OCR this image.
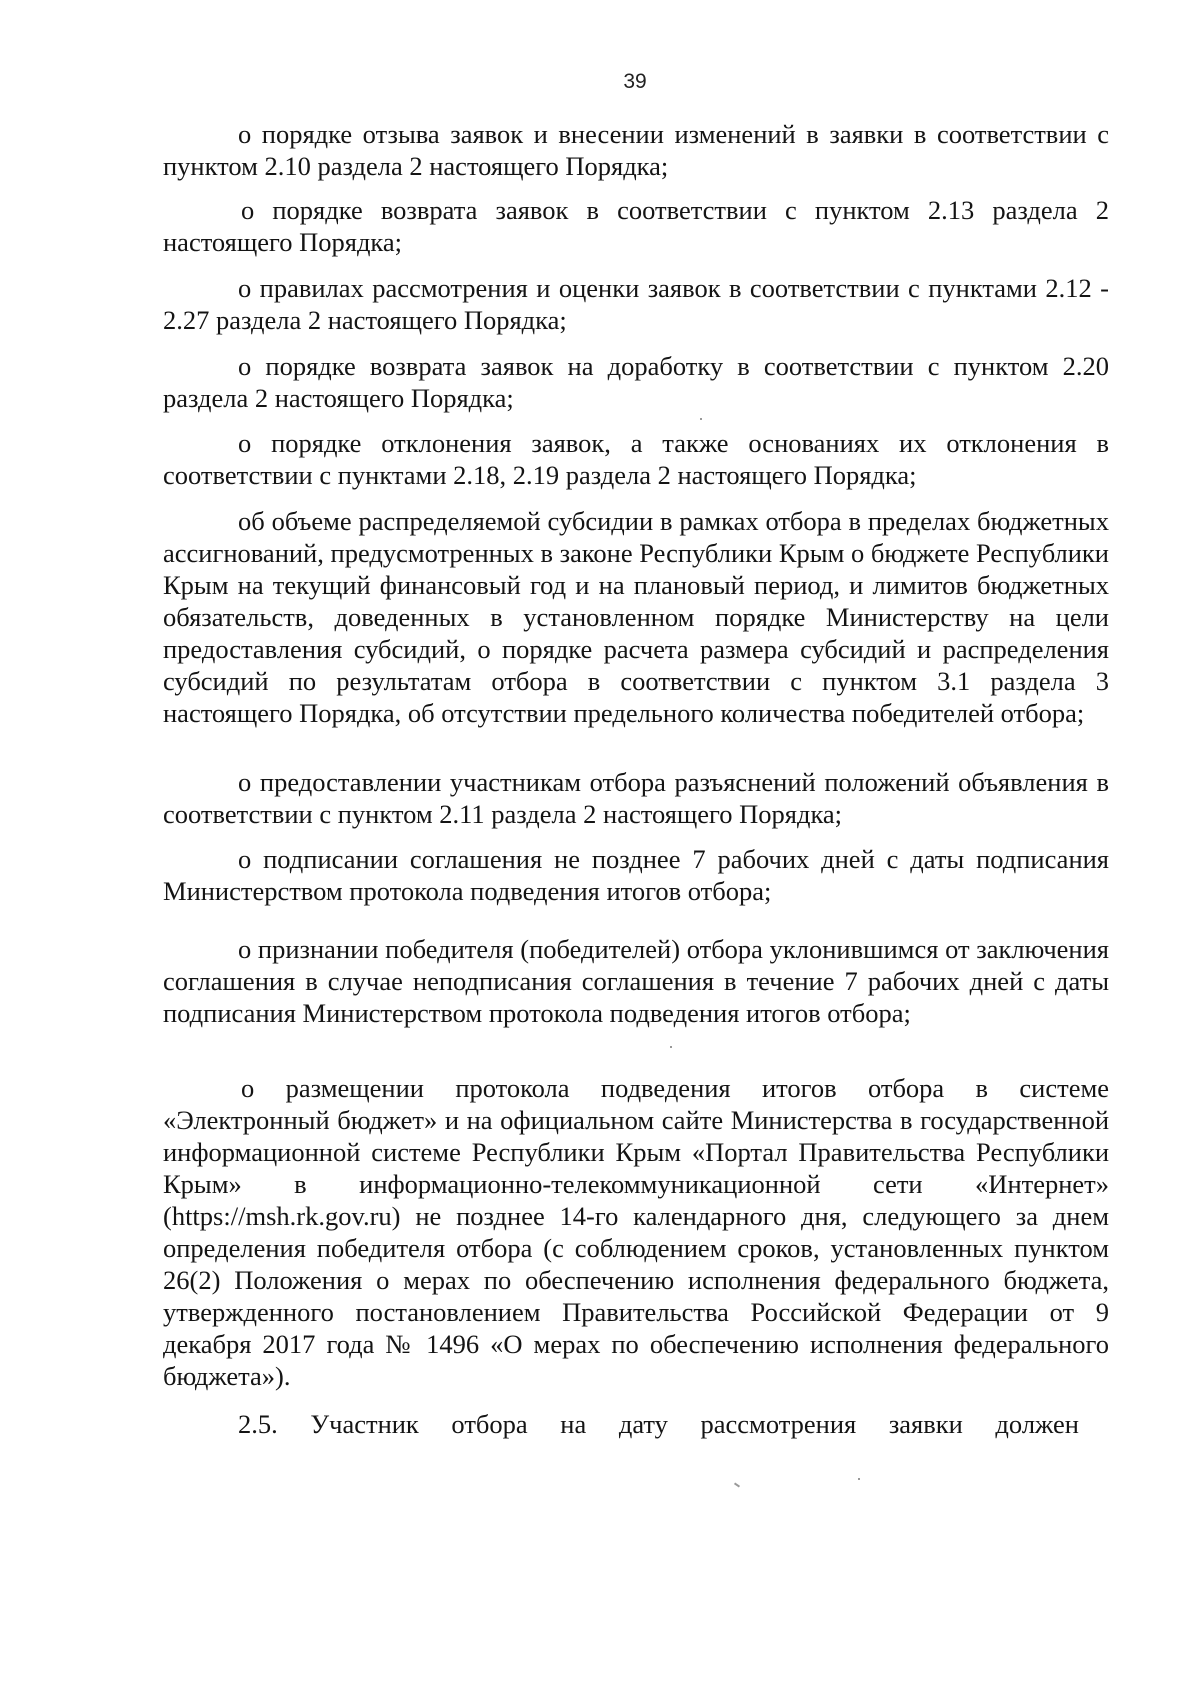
39

о порядке отзыва заявок и внесении изменений в заявки в соответствии с пунктом 2.10 раздела 2 настоящего Порядка;

о порядке возврата заявок в соответствии с пунктом 2.13 раздела 2 настоящего Порядка;

о правилах рассмотрения и оценки заявок в соответствии с пунктами 2.12 - 2.27 раздела 2 настоящего Порядка;

о порядке возврата заявок на доработку в соответствии с пунктом 2.20 раздела 2 настоящего Порядка;

о порядке отклонения заявок, а также основаниях их отклонения в соответствии с пунктами 2.18, 2.19 раздела 2 настоящего Порядка;

об объеме распределяемой субсидии в рамках отбора в пределах бюджетных ассигнований, предусмотренных в законе Республики Крым о бюджете Республики Крым на текущий финансовый год и на плановый период, и лимитов бюджетных обязательств, доведенных в установленном порядке Министерству на цели предоставления субсидий, о порядке расчета размера субсидий и распределения субсидий по результатам отбора в соответствии с пунктом 3.1 раздела 3 настоящего Порядка, об отсутствии предельного количества победителей отбора;

о предоставлении участникам отбора разъяснений положений объявления в соответствии с пунктом 2.11 раздела 2 настоящего Порядка;

о подписании соглашения не позднее 7 рабочих дней с даты подписания Министерством протокола подведения итогов отбора;

о признании победителя (победителей) отбора уклонившимся от заключения соглашения в случае неподписания соглашения в течение 7 рабочих дней с даты подписания Министерством протокола подведения итогов отбора;

о размещении протокола подведения итогов отбора в системе «Электронный бюджет» и на официальном сайте Министерства в государственной информационной системе Республики Крым «Портал Правительства Республики Крым» в информационно-телекоммуникационной сети «Интернет» (https://msh.rk.gov.ru) не позднее 14-го календарного дня, следующего за днем определения победителя отбора (с соблюдением сроков, установленных пунктом 26(2) Положения о мерах по обеспечению исполнения федерального бюджета, утвержденного постановлением Правительства Российской Федерации от 9 декабря 2017 года № 1496 «О мерах по обеспечению исполнения федерального бюджета»).

2.5. Участник отбора на дату рассмотрения заявки должен
